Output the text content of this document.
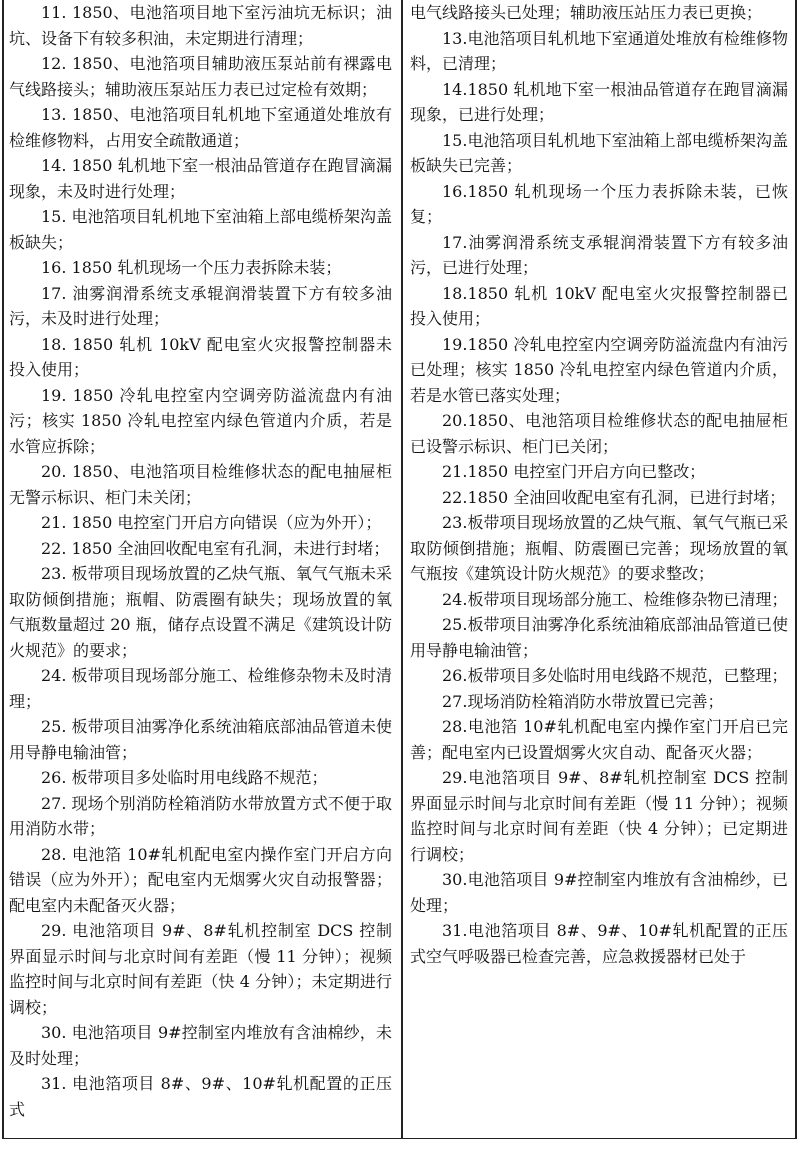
11. 1850、电池箔项目地下室污油坑无标识；油坑、设备下有较多积油，未定期进行清理；

12. 1850、电池箔项目辅助液压泵站前有裸露电气线路接头；辅助液压泵站压力表已过定检有效期；

13. 1850、电池箔项目轧机地下室通道处堆放有检维修物料，占用安全疏散通道；

14. 1850 轧机地下室一根油品管道存在跑冒滴漏现象，未及时进行处理；

15. 电池箔项目轧机地下室油箱上部电缆桥架沟盖板缺失；

16. 1850 轧机现场一个压力表拆除未装；

17. 油雾润滑系统支承辊润滑装置下方有较多油污，未及时进行处理；

18. 1850 轧机 10kV 配电室火灾报警控制器未投入使用；

19. 1850 冷轧电控室内空调旁防溢流盘内有油污；核实 1850 冷轧电控室内绿色管道内介质，若是水管应拆除；

20. 1850、电池箔项目检维修状态的配电抽屉柜无警示标识、柜门未关闭；

21. 1850 电控室门开启方向错误（应为外开）；

22. 1850 全油回收配电室有孔洞，未进行封堵；

23. 板带项目现场放置的乙炔气瓶、氧气气瓶未采取防倾倒措施；瓶帽、防震圈有缺失；现场放置的氧气瓶数量超过 20 瓶，储存点设置不满足《建筑设计防火规范》的要求；

24. 板带项目现场部分施工、检维修杂物未及时清理；

25. 板带项目油雾净化系统油箱底部油品管道未使用导静电输油管；

26. 板带项目多处临时用电线路不规范；

27. 现场个别消防栓箱消防水带放置方式不便于取用消防水带；

28. 电池箔 10#轧机配电室内操作室门开启方向错误（应为外开）；配电室内无烟雾火灾自动报警器；配电室内未配备灭火器；

29. 电池箔项目 9#、8#轧机控制室 DCS 控制界面显示时间与北京时间有差距（慢 11 分钟）；视频监控时间与北京时间有差距（快 4 分钟）；未定期进行调校；

30. 电池箔项目 9#控制室内堆放有含油棉纱，未及时处理；

31. 电池箔项目 8#、9#、10#轧机配置的正压式

电气线路接头已处理；辅助液压站压力表已更换；

13.电池箔项目轧机地下室通道处堆放有检维修物料，已清理；

14.1850 轧机地下室一根油品管道存在跑冒滴漏现象，已进行处理；

15.电池箔项目轧机地下室油箱上部电缆桥架沟盖板缺失已完善；

16.1850 轧机现场一个压力表拆除未装，已恢复；

17.油雾润滑系统支承辊润滑装置下方有较多油污，已进行处理；

18.1850 轧机 10kV 配电室火灾报警控制器已投入使用；

19.1850 冷轧电控室内空调旁防溢流盘内有油污已处理；核实 1850 冷轧电控室内绿色管道内介质，若是水管已落实处理；

20.1850、电池箔项目检维修状态的配电抽屉柜已设警示标识、柜门已关闭；

21.1850 电控室门开启方向已整改；

22.1850 全油回收配电室有孔洞，已进行封堵；

23.板带项目现场放置的乙炔气瓶、氧气气瓶已采取防倾倒措施；瓶帽、防震圈已完善；现场放置的氧气瓶按《建筑设计防火规范》的要求整改；

24.板带项目现场部分施工、检维修杂物已清理；

25.板带项目油雾净化系统油箱底部油品管道已使用导静电输油管；

26.板带项目多处临时用电线路不规范，已整理；

27.现场消防栓箱消防水带放置已完善；

28.电池箔 10#轧机配电室内操作室门开启已完善；配电室内已设置烟雾火灾自动、配备灭火器；

29.电池箔项目 9#、8#轧机控制室 DCS 控制界面显示时间与北京时间有差距（慢 11 分钟）；视频监控时间与北京时间有差距（快 4 分钟）；已定期进行调校；

30.电池箔项目 9#控制室内堆放有含油棉纱，已处理；

31.电池箔项目 8#、9#、10#轧机配置的正压式空气呼吸器已检查完善，应急救援器材已处于
